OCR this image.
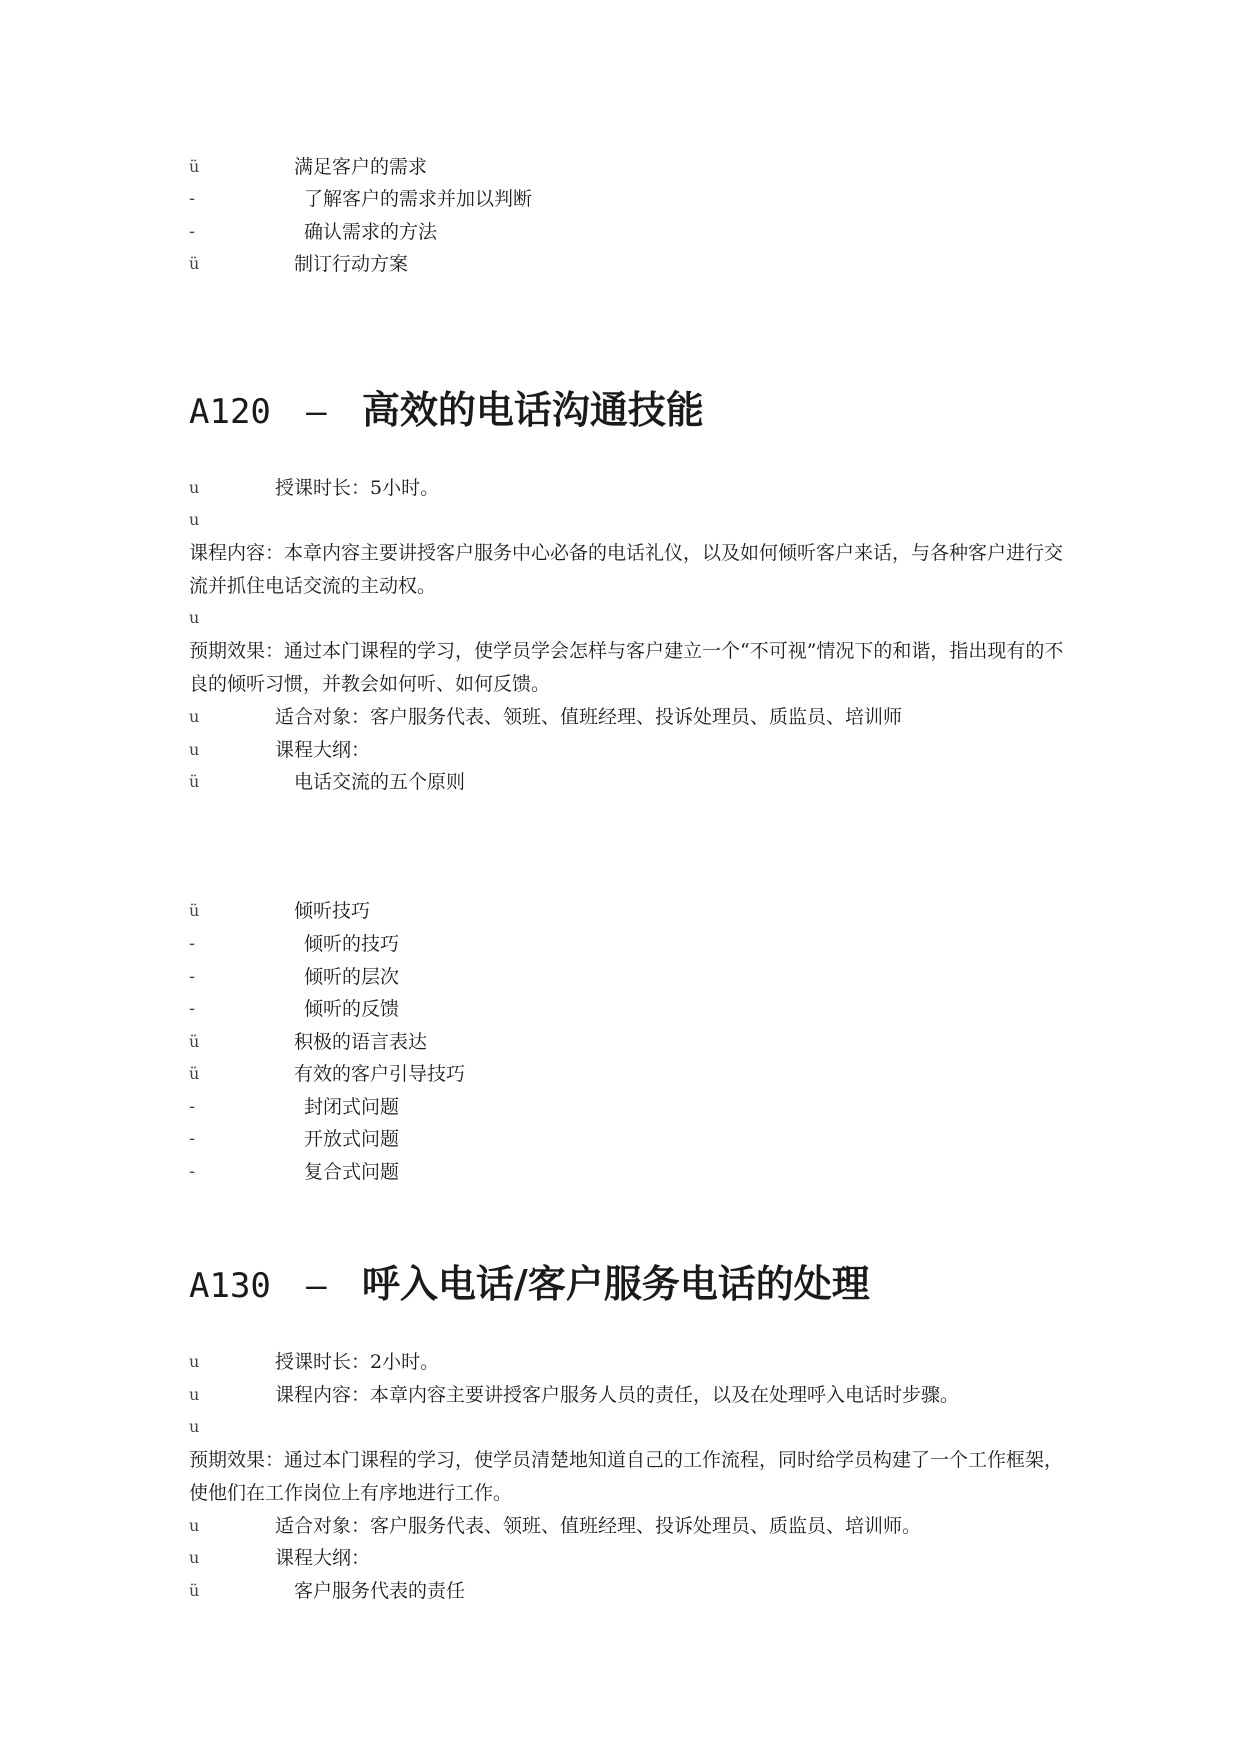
ü	满足客户的需求
-	了解客户的需求并加以判断
-	确认需求的方法
ü	制订行动方案
A120 – 高效的电话沟通技能
u	授课时长：5小时。
u
课程内容：本章内容主要讲授客户服务中心必备的电话礼仪，以及如何倾听客户来话，与各种客户进行交流并抓住电话交流的主动权。
u
预期效果：通过本门课程的学习，使学员学会怎样与客户建立一个“不可视”情况下的和谐，指出现有的不良的倾听习惯，并教会如何听、如何反馈。
u	适合对象：客户服务代表、领班、值班经理、投诉处理员、质监员、培训师
u	课程大纲：
ü	电话交流的五个原则
ü	倾听技巧
-	倾听的技巧
-	倾听的层次
-	倾听的反馈
ü	积极的语言表达
ü	有效的客户引导技巧
-	封闭式问题
-	开放式问题
-	复合式问题
A130 – 呼入电话/客户服务电话的处理
u	授课时长：2小时。
u	课程内容：本章内容主要讲授客户服务人员的责任，以及在处理呼入电话时步骤。
u
预期效果：通过本门课程的学习，使学员清楚地知道自己的工作流程，同时给学员构建了一个工作框架，使他们在工作岗位上有序地进行工作。
u	适合对象：客户服务代表、领班、值班经理、投诉处理员、质监员、培训师。
u	课程大纲：
ü	客户服务代表的责任
